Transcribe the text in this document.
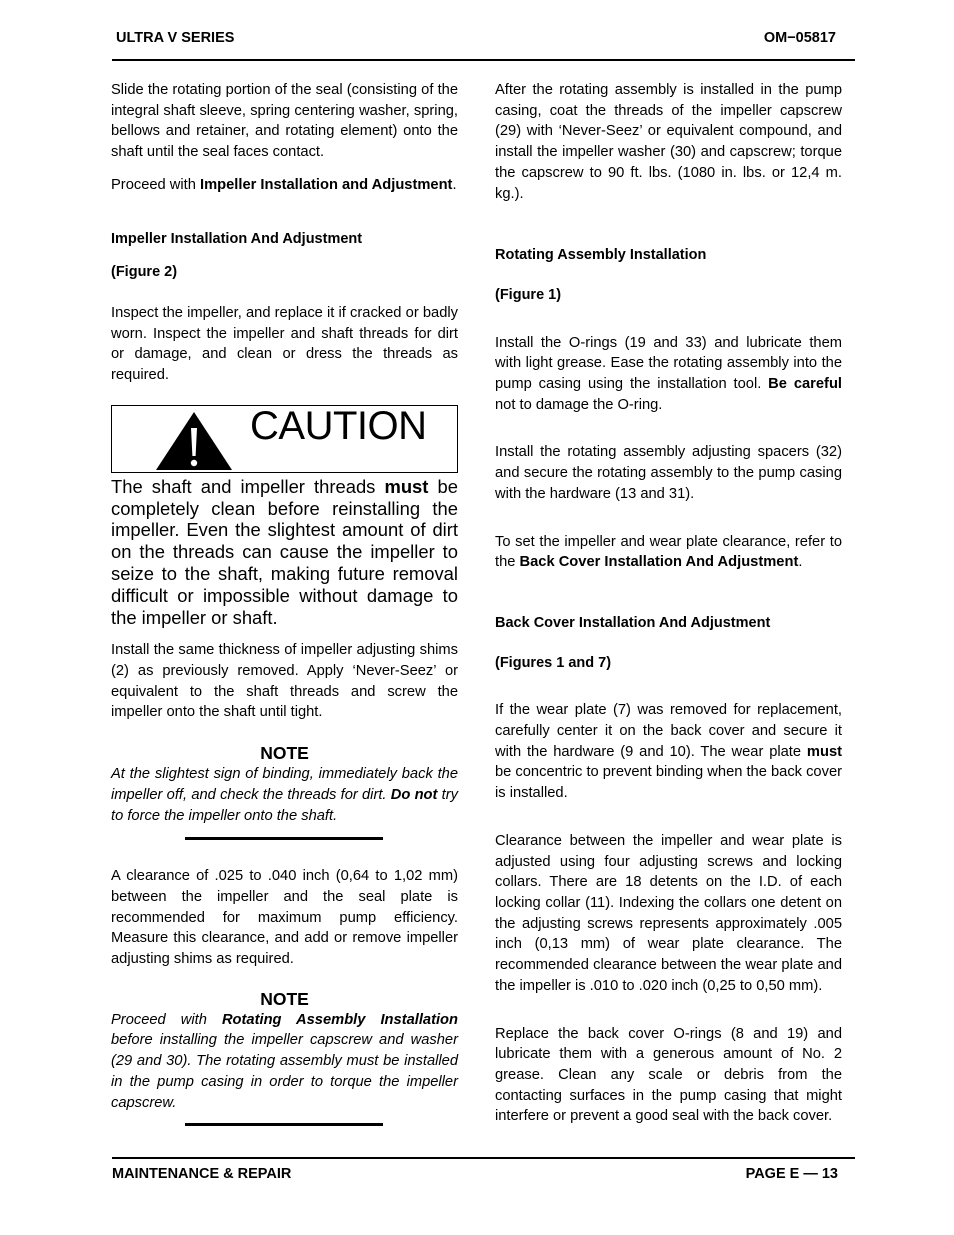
ULTRA V SERIES	OM−05817

Slide the rotating portion of the seal (consisting of the integral shaft sleeve, spring centering washer, spring, bellows and retainer, and rotating element) onto the shaft until the seal faces contact.

Proceed with Impeller Installation and Adjustment.

Impeller Installation And Adjustment
(Figure 2)

Inspect the impeller, and replace it if cracked or badly worn. Inspect the impeller and shaft threads for dirt or damage, and clean or dress the threads as required.

CAUTION

The shaft and impeller threads must be completely clean before reinstalling the impeller. Even the slightest amount of dirt on the threads can cause the impeller to seize to the shaft, making future removal difficult or impossible without damage to the impeller or shaft.

Install the same thickness of impeller adjusting shims (2) as previously removed. Apply ‘Never-Seez’ or equivalent to the shaft threads and screw the impeller onto the shaft until tight.

NOTE

At the slightest sign of binding, immediately back the impeller off, and check the threads for dirt. Do not try to force the impeller onto the shaft.

A clearance of .025 to .040 inch (0,64 to 1,02 mm) between the impeller and the seal plate is recommended for maximum pump efficiency. Measure this clearance, and add or remove impeller adjusting shims as required.

NOTE

Proceed with Rotating Assembly Installation before installing the impeller capscrew and washer (29 and 30). The rotating assembly must be installed in the pump casing in order to torque the impeller capscrew.

After the rotating assembly is installed in the pump casing, coat the threads of the impeller capscrew (29) with ‘Never-Seez’ or equivalent compound, and install the impeller washer (30) and capscrew; torque the capscrew to 90 ft. lbs. (1080 in. lbs. or 12,4 m. kg.).

Rotating Assembly Installation
(Figure 1)

Install the O-rings (19 and 33) and lubricate them with light grease. Ease the rotating assembly into the pump casing using the installation tool. Be careful not to damage the O-ring.

Install the rotating assembly adjusting spacers (32) and secure the rotating assembly to the pump casing with the hardware (13 and 31).

To set the impeller and wear plate clearance, refer to the Back Cover Installation And Adjustment.

Back Cover Installation And Adjustment
(Figures 1 and 7)

If the wear plate (7) was removed for replacement, carefully center it on the back cover and secure it with the hardware (9 and 10). The wear plate must be concentric to prevent binding when the back cover is installed.

Clearance between the impeller and wear plate is adjusted using four adjusting screws and locking collars. There are 18 detents on the I.D. of each locking collar (11). Indexing the collars one detent on the adjusting screws represents approximately .005 inch (0,13 mm) of wear plate clearance. The recommended clearance between the wear plate and the impeller is .010 to .020 inch (0,25 to 0,50 mm).

Replace the back cover O-rings (8 and 19) and lubricate them with a generous amount of No. 2 grease. Clean any scale or debris from the contacting surfaces in the pump casing that might interfere or prevent a good seal with the back cover.

MAINTENANCE & REPAIR	PAGE E — 13
